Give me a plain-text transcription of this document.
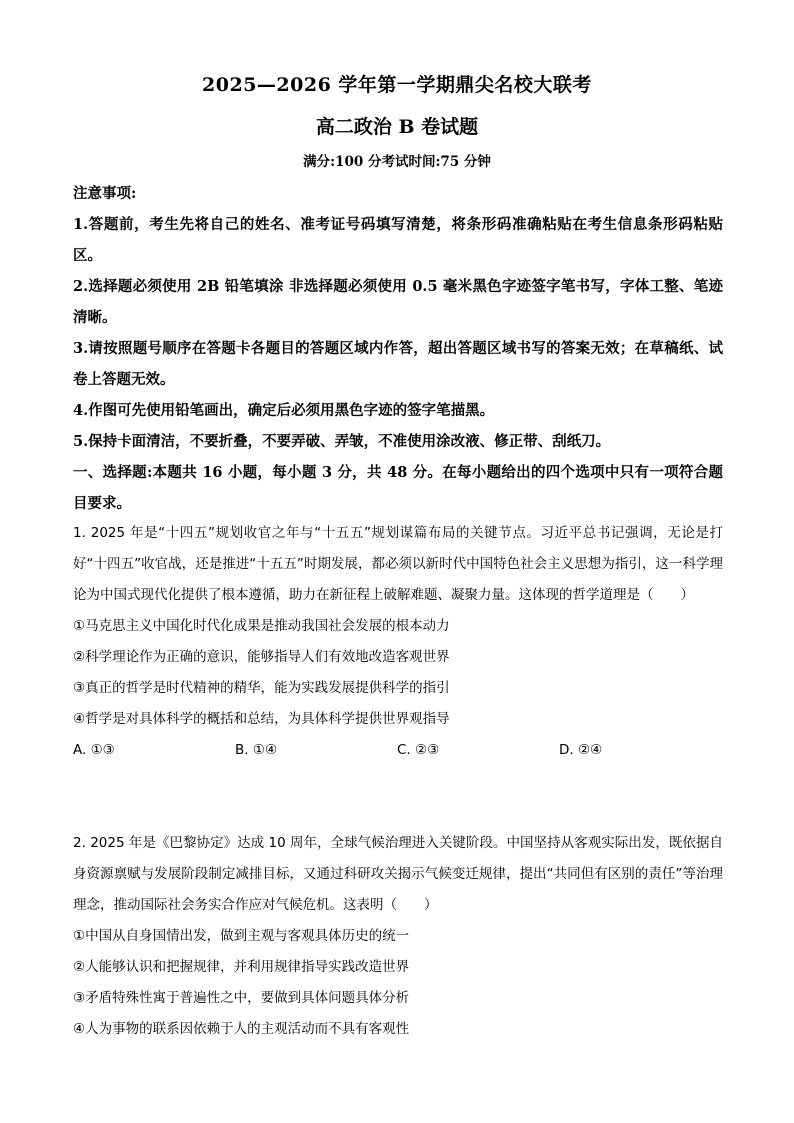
2025—2026 学年第一学期鼎尖名校大联考
高二政治 B 卷试题
满分:100 分考试时间:75 分钟

注意事项:

1.答题前，考生先将自己的姓名、准考证号码填写清楚，将条形码准确粘贴在考生信息条形码粘贴区。

2.选择题必须使用 2B 铅笔填涂 非选择题必须使用 0.5 毫米黑色字迹签字笔书写，字体工整、笔迹清晰。

3.请按照题号顺序在答题卡各题目的答题区域内作答，超出答题区域书写的答案无效；在草稿纸、试卷上答题无效。

4.作图可先使用铅笔画出，确定后必须用黑色字迹的签字笔描黑。

5.保持卡面清洁，不要折叠，不要弄破、弄皱，不准使用涂改液、修正带、刮纸刀。

一、选择题:本题共 16 小题，每小题 3 分，共 48 分。在每小题给出的四个选项中只有一项符合题目要求。

1. 2025 年是“十四五”规划收官之年与“十五五”规划谋篇布局的关键节点。习近平总书记强调，无论是打好“十四五”收官战，还是推进“十五五”时期发展，都必须以新时代中国特色社会主义思想为指引，这一科学理论为中国式现代化提供了根本遵循，助力在新征程上破解难题、凝聚力量。这体现的哲学道理是（　　）

①马克思主义中国化时代化成果是推动我国社会发展的根本动力

②科学理论作为正确的意识，能够指导人们有效地改造客观世界

③真正的哲学是时代精神的精华，能为实践发展提供科学的指引

④哲学是对具体科学的概括和总结，为具体科学提供世界观指导

A. ①③	B. ①④	C. ②③	D. ②④

2. 2025 年是《巴黎协定》达成 10 周年，全球气候治理进入关键阶段。中国坚持从客观实际出发，既依据自身资源禀赋与发展阶段制定减排目标，又通过科研攻关揭示气候变迁规律，提出“共同但有区别的责任”等治理理念，推动国际社会务实合作应对气候危机。这表明（　　）

①中国从自身国情出发，做到主观与客观具体历史的统一

②人能够认识和把握规律，并利用规律指导实践改造世界

③矛盾特殊性寓于普遍性之中，要做到具体问题具体分析

④人为事物的联系因依赖于人的主观活动而不具有客观性
